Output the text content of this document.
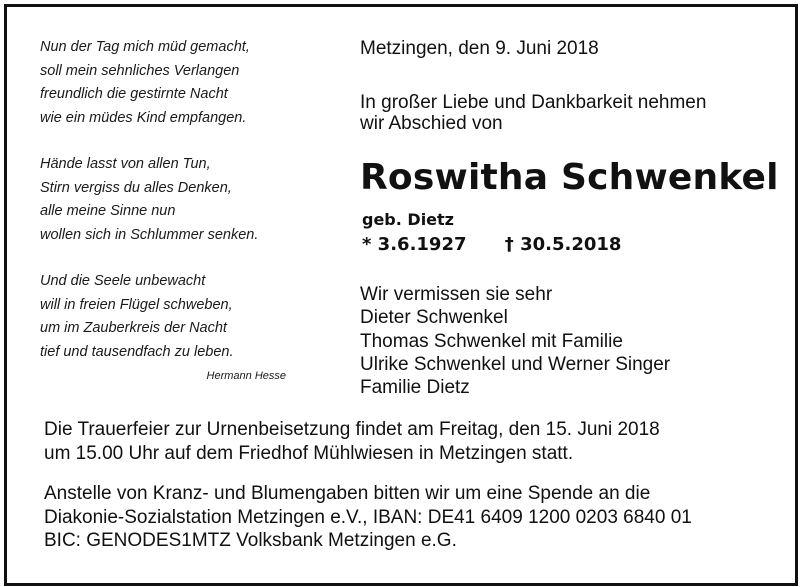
Nun der Tag mich müd gemacht,
soll mein sehnliches Verlangen
freundlich die gestirnte Nacht
wie ein müdes Kind empfangen.
Hände lasst von allen Tun,
Stirn vergiss du alles Denken,
alle meine Sinne nun
wollen sich in Schlummer senken.
Und die Seele unbewacht
will in freien Flügel schweben,
um im Zauberkreis der Nacht
tief und tausendfach zu leben.
Hermann Hesse
Metzingen, den 9. Juni 2018
In großer Liebe und Dankbarkeit nehmen
wir Abschied von
Roswitha Schwenkel
geb. Dietz
* 3.6.1927 † 30.5.2018
Wir vermissen sie sehr
Dieter Schwenkel
Thomas Schwenkel mit Familie
Ulrike Schwenkel und Werner Singer
Familie Dietz
Die Trauerfeier zur Urnenbeisetzung findet am Freitag, den 15. Juni 2018
um 15.00 Uhr auf dem Friedhof Mühlwiesen in Metzingen statt.
Anstelle von Kranz- und Blumengaben bitten wir um eine Spende an die
Diakonie-Sozialstation Metzingen e.V., IBAN: DE41 6409 1200 0203 6840 01
BIC: GENODES1MTZ Volksbank Metzingen e.G.
